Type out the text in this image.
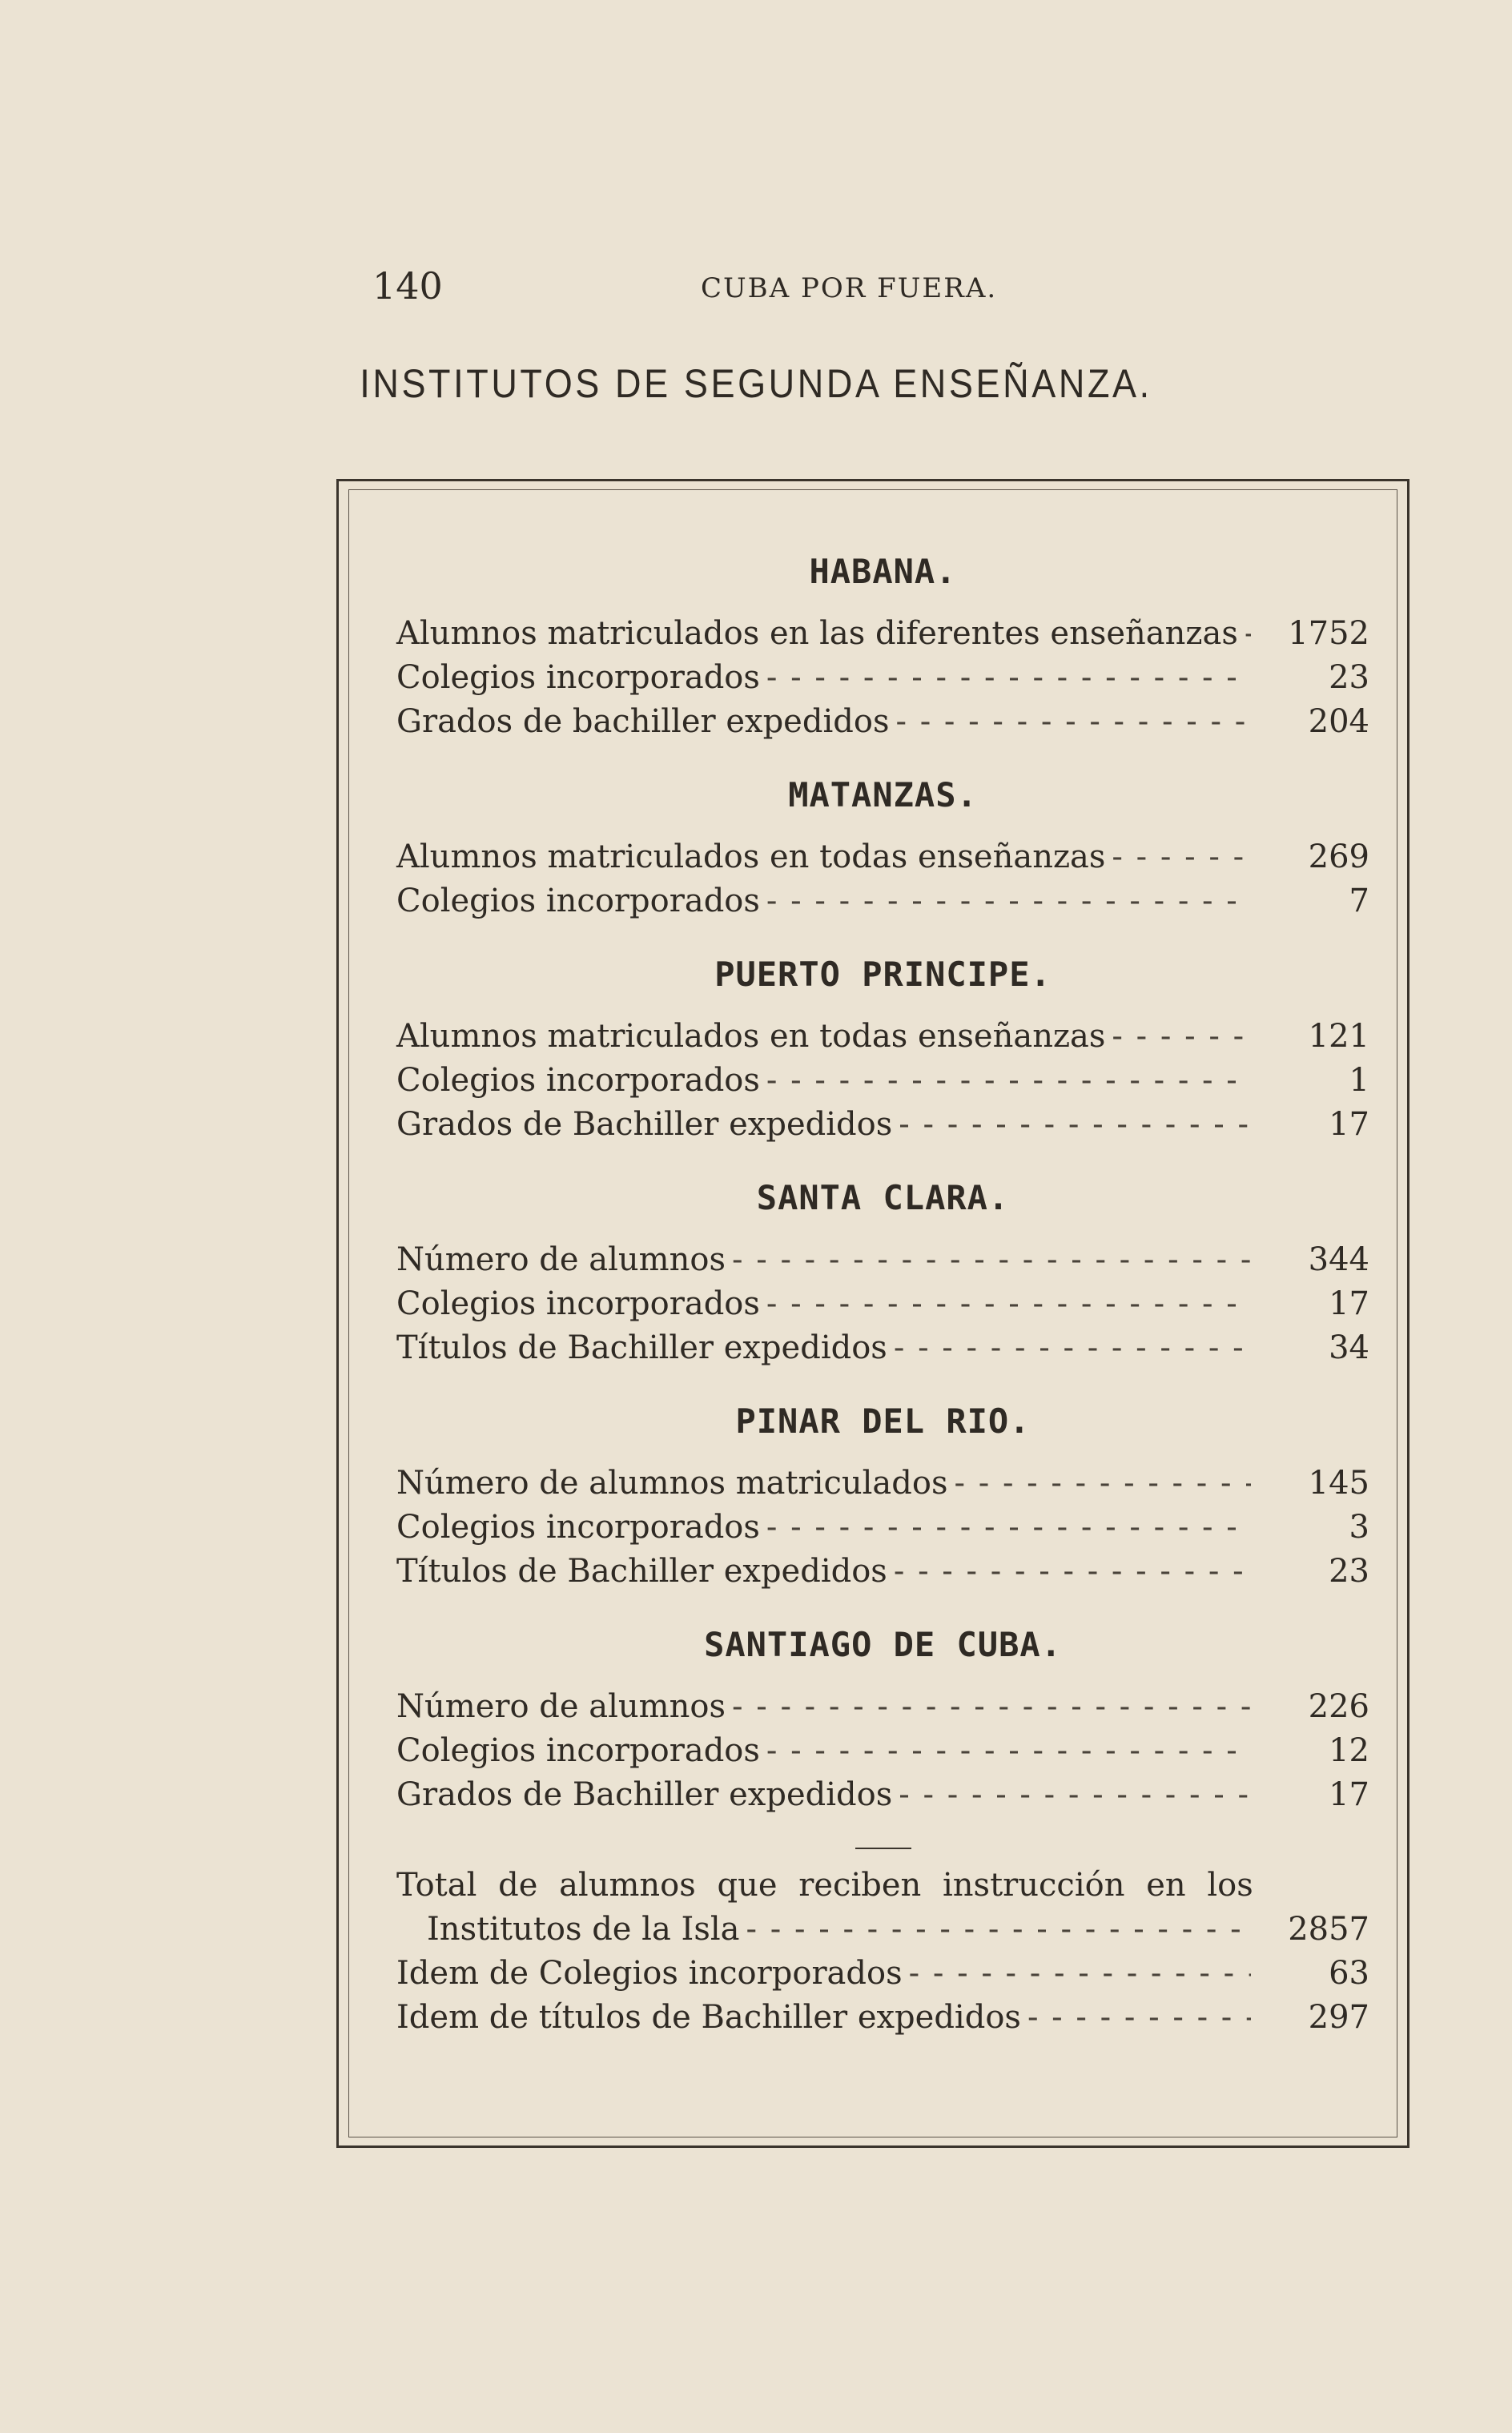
140	CUBA POR FUERA.
INSTITUTOS DE SEGUNDA ENSEÑANZA.
HABANA.
Alumnos matriculados en las diferentes enseñanzas - - -	1752
Colegios incorporados - - -	23
Grados de bachiller expedidos - - -	204
MATANZAS.
Alumnos matriculados en todas enseñanzas - - -	269
Colegios incorporados - - -	7
PUERTO PRINCIPE.
Alumnos matriculados en todas enseñanzas - - -	121
Colegios incorporados - - -	1
Grados de Bachiller expedidos - - -	17
SANTA CLARA.
Número de alumnos - - -	344
Colegios incorporados - - -	17
Títulos de Bachiller expedidos - - -	34
PINAR DEL RIO.
Número de alumnos matriculados - - -	145
Colegios incorporados - - -	3
Títulos de Bachiller expedidos - - -	23
SANTIAGO DE CUBA.
Número de alumnos - - -	226
Colegios incorporados - - -	12
Grados de Bachiller expedidos - - -	17
Total de alumnos que reciben instrucción en los
Institutos de la Isla - - -	2857
Idem de Colegios incorporados - - -	63
Idem de títulos de Bachiller expedidos - - -	297
